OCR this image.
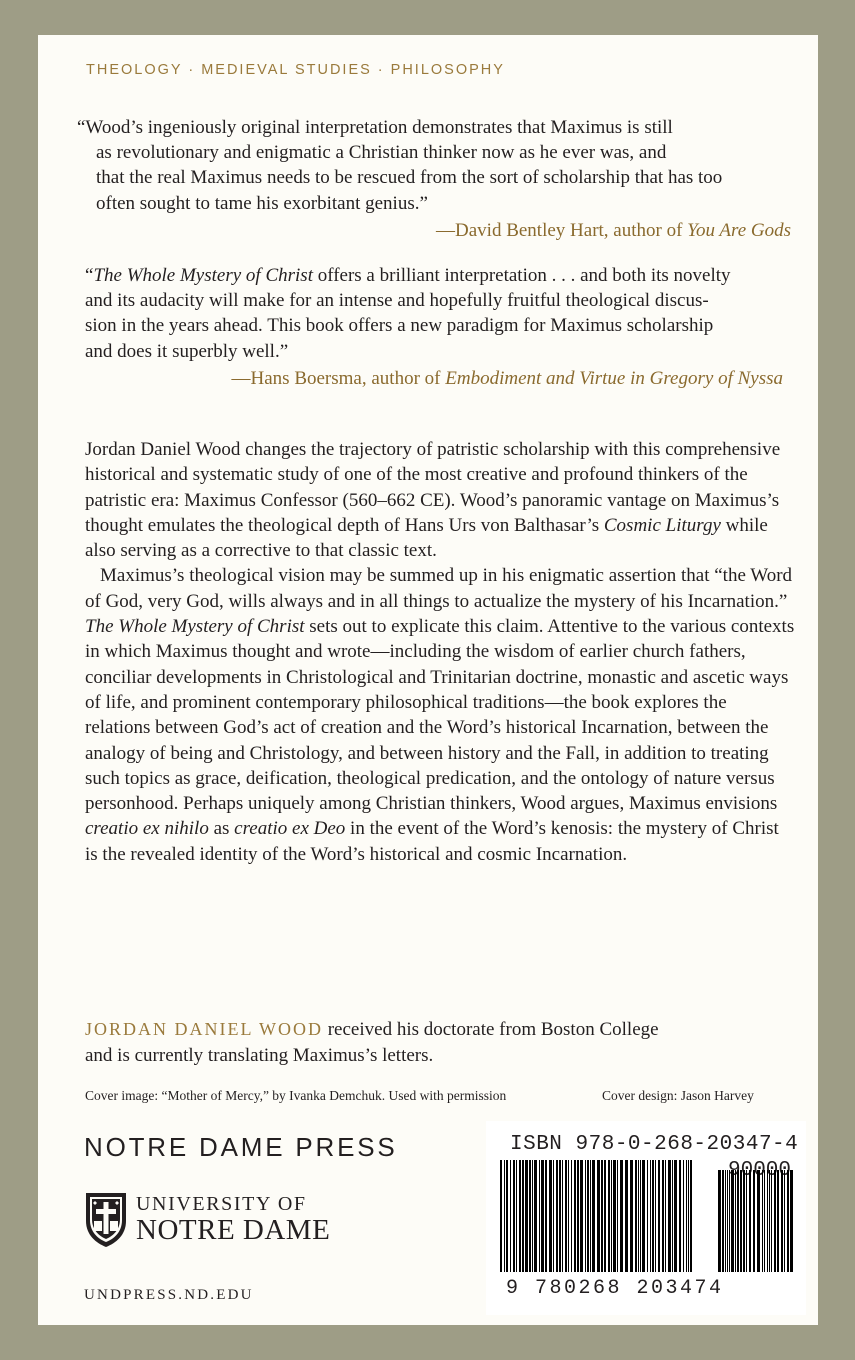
THEOLOGY · MEDIEVAL STUDIES · PHILOSOPHY

“Wood’s ingeniously original interpretation demonstrates that Maximus is still

as revolutionary and enigmatic a Christian thinker now as he ever was, and

that the real Maximus needs to be rescued from the sort of scholarship that has too

often sought to tame his exorbitant genius.”

—David Bentley Hart, author of You Are Gods

“The Whole Mystery of Christ offers a brilliant interpretation . . . and both its novelty

and its audacity will make for an intense and hopefully fruitful theological discus-

sion in the years ahead. This book offers a new paradigm for Maximus scholarship

and does it superbly well.”

—Hans Boersma, author of Embodiment and Virtue in Gregory of Nyssa

Jordan Daniel Wood changes the trajectory of patristic scholarship with this comprehensive historical and systematic study of one of the most creative and profound thinkers of the patristic era: Maximus Confessor (560–662 CE). Wood’s panoramic vantage on Maximus’s thought emulates the theological depth of Hans Urs von Balthasar’s Cosmic Liturgy while also serving as a corrective to that classic text.

Maximus’s theological vision may be summed up in his enigmatic assertion that “the Word of God, very God, wills always and in all things to actualize the mystery of his Incarnation.” The Whole Mystery of Christ sets out to explicate this claim. Attentive to the various contexts in which Maximus thought and wrote—including the wisdom of earlier church fathers, conciliar developments in Christological and Trinitarian doctrine, monastic and ascetic ways of life, and prominent contemporary philosophical traditions—the book explores the relations between God’s act of creation and the Word’s historical Incarnation, between the analogy of being and Christology, and between history and the Fall, in addition to treating such topics as grace, deification, theological predication, and the ontology of nature versus personhood. Perhaps uniquely among Christian thinkers, Wood argues, Maximus envisions creatio ex nihilo as creatio ex Deo in the event of the Word’s kenosis: the mystery of Christ is the revealed identity of the Word’s historical and cosmic Incarnation.

JORDAN DANIEL WOOD received his doctorate from Boston College
and is currently translating Maximus’s letters.
Cover image: “Mother of Mercy,” by Ivanka Demchuk. Used with permission	Cover design: Jason Harvey
NOTRE DAME PRESS
UNIVERSITY OF
NOTRE DAME
UNDPRESS.ND.EDU
ISBN 978-0-268-20347-4
9 780268 203474
